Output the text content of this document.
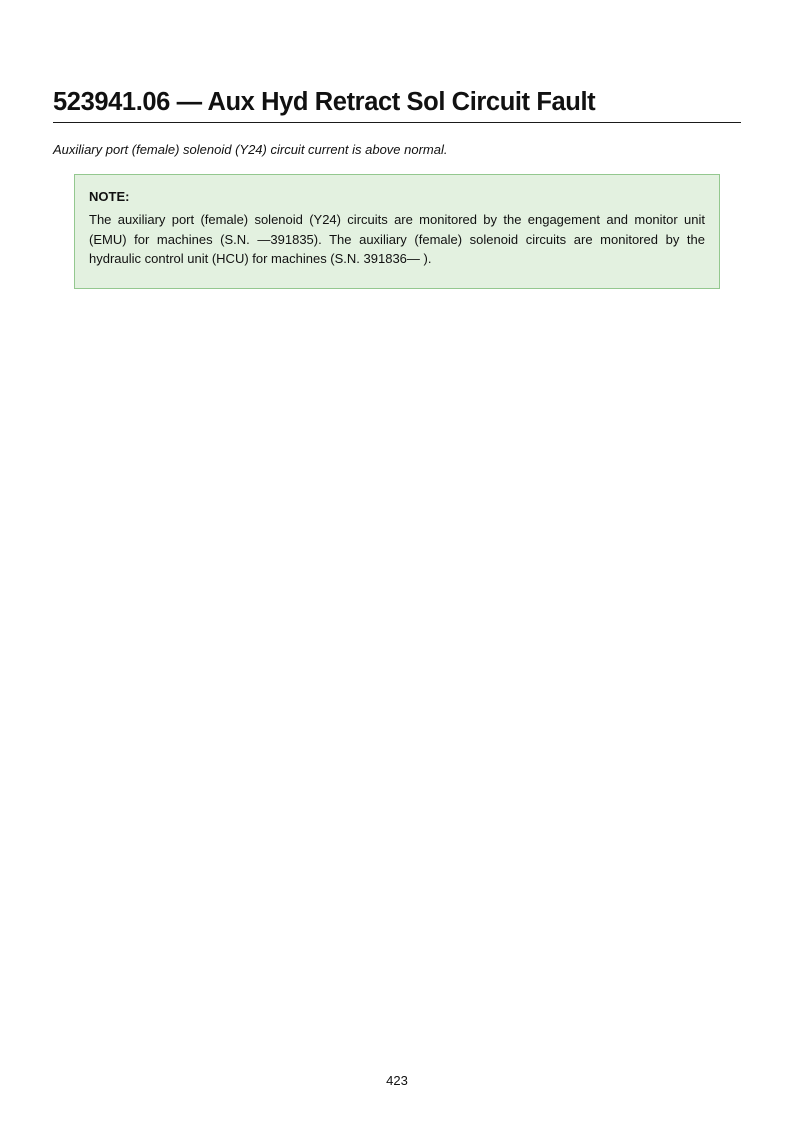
523941.06 — Aux Hyd Retract Sol Circuit Fault

Auxiliary port (female) solenoid (Y24) circuit current is above normal.

NOTE:

The auxiliary port (female) solenoid (Y24) circuits are monitored by the engagement and monitor unit (EMU) for machines (S.N. —391835). The auxiliary (female) solenoid circuits are monitored by the hydraulic control unit (HCU) for machines (S.N. 391836— ).

423
